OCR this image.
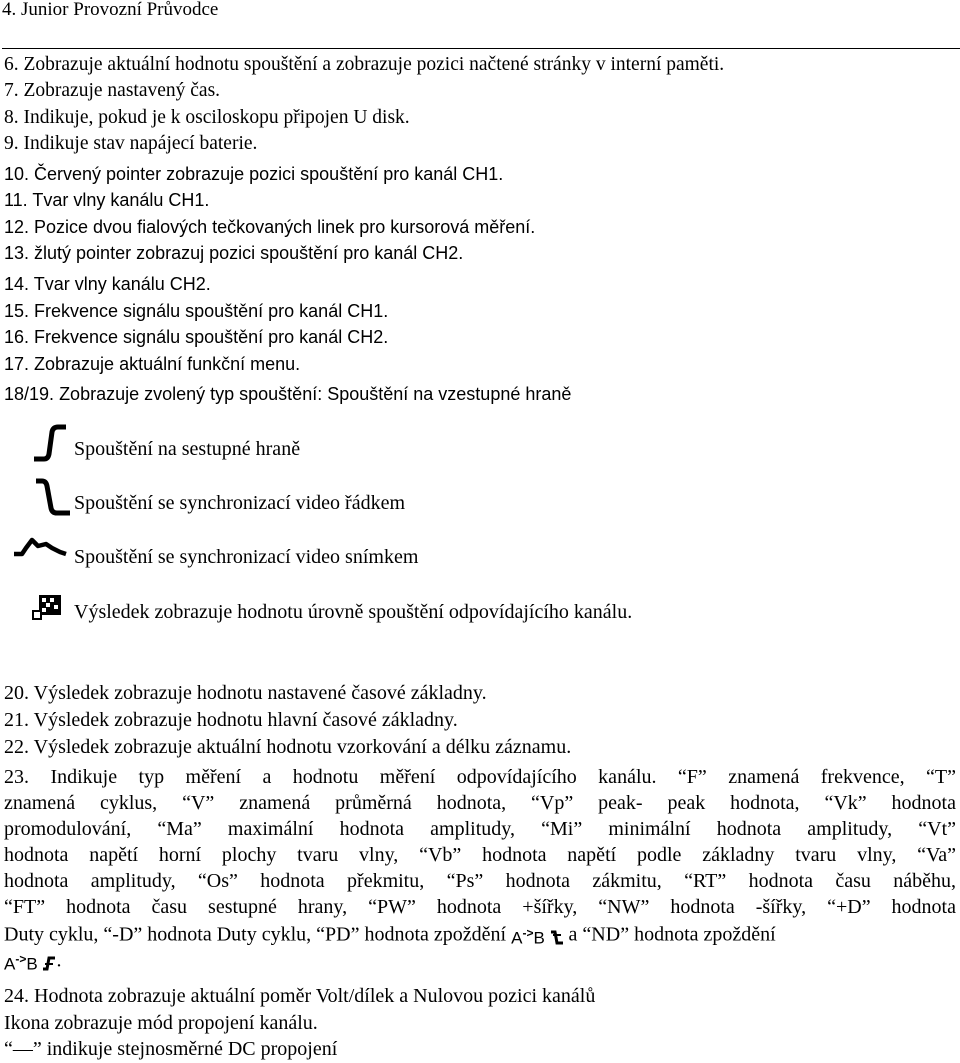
4. Junior Provozní Průvodce
6. Zobrazuje aktuální hodnotu spouštění a zobrazuje pozici načtené stránky v interní paměti.
7. Zobrazuje nastavený čas.
8. Indikuje, pokud je k osciloskopu připojen U disk.
9. Indikuje stav napájecí baterie.
10. Červený pointer zobrazuje pozici spouštění pro kanál CH1.
11. Tvar vlny kanálu CH1.
12. Pozice dvou fialových tečkovaných linek pro kursorová měření.
13. žlutý pointer zobrazuj pozici spouštění pro kanál CH2.
14. Tvar vlny kanálu CH2.
15. Frekvence signálu spouštění pro kanál CH1.
16. Frekvence signálu spouštění pro kanál CH2.
17. Zobrazuje aktuální funkční menu.
18/19. Zobrazuje zvolený typ spouštění: Spouštění na vzestupné hraně
Spouštění na sestupné hraně
Spouštění se synchronizací video řádkem
Spouštění se synchronizací video snímkem
Výsledek zobrazuje hodnotu úrovně spouštění odpovídajícího kanálu.
20. Výsledek zobrazuje hodnotu nastavené časové základny.
21. Výsledek zobrazuje hodnotu hlavní časové základny.
22. Výsledek zobrazuje aktuální hodnotu vzorkování a délku záznamu.
23. Indikuje typ měření a hodnotu měření odpovídajícího kanálu. “F” znamená frekvence, “T”
znamená cyklus, “V” znamená průměrná hodnota, “Vp” peak- peak hodnota, “Vk” hodnota
promodulování, “Ma” maximální hodnota amplitudy, “Mi” minimální hodnota amplitudy, “Vt”
hodnota napětí horní plochy tvaru vlny, “Vb” hodnota napětí podle základny tvaru vlny, “Va”
hodnota amplitudy, “Os” hodnota překmitu, “Ps” hodnota zákmitu, “RT” hodnota času náběhu,
“FT” hodnota času sestupné hrany, “PW” hodnota +šířky, “NW” hodnota -šířky, “+D” hodnota
Duty cyklu, “-D” hodnota Duty cyklu, “PD” hodnota zpoždění A->B a “ND” hodnota zpoždění
A->B .
24. Hodnota zobrazuje aktuální poměr Volt/dílek a Nulovou pozici kanálů
Ikona zobrazuje mód propojení kanálu.
“—” indikuje stejnosměrné DC propojení
